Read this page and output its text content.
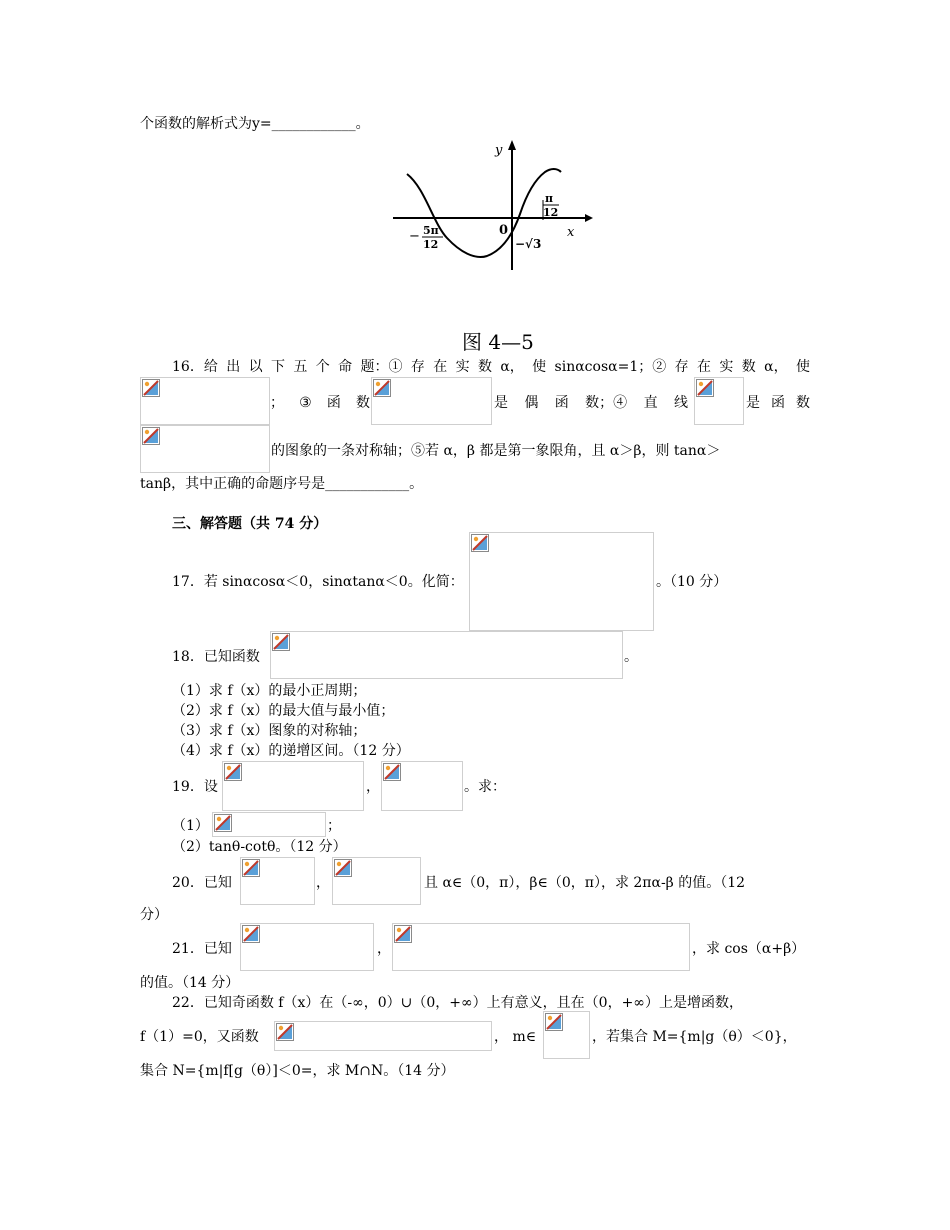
个函数的解析式为y=____________。
y
x
0
− 5π
12
π
12
−√3
图 4—5
16．给 出 以 下 五 个 命 题：① 存 在 实 数 α， 使 sinαcosα=1；② 存 在 实 数 α， 使
； ③ 函 数	是 偶 函 数；④ 直 线	是 函 数
的图象的一条对称轴；⑤若 α，β 都是第一象限角，且 α＞β，则 tanα＞
tanβ，其中正确的命题序号是____________。
三、解答题（共 74 分）
17．若 sinαcosα＜0，sinαtanα＜0。化简：	。（10 分）
18．已知函数	。
（1）求 f（x）的最小正周期；
（2）求 f（x）的最大值与最小值；
（3）求 f（x）图象的对称轴；
（4）求 f（x）的递增区间。（12 分）
19．设	，	。求：
（1）	；
（2）tanθ-cotθ。（12 分）
20．已知	，	且 α∈（0，π），β∈（0，π），求 2πα-β 的值。（12
分）
21．已知	，	，求 cos（α+β）
的值。（14 分）
22．已知奇函数 f（x）在（-∞，0）∪（0，+∞）上有意义，且在（0，+∞）上是增函数，
f（1）=0，又函数	， m∈	，若集合 M={m|g（θ）＜0}，
集合 N={m|f[g（θ）]＜0=，求 M∩N。（14 分）
